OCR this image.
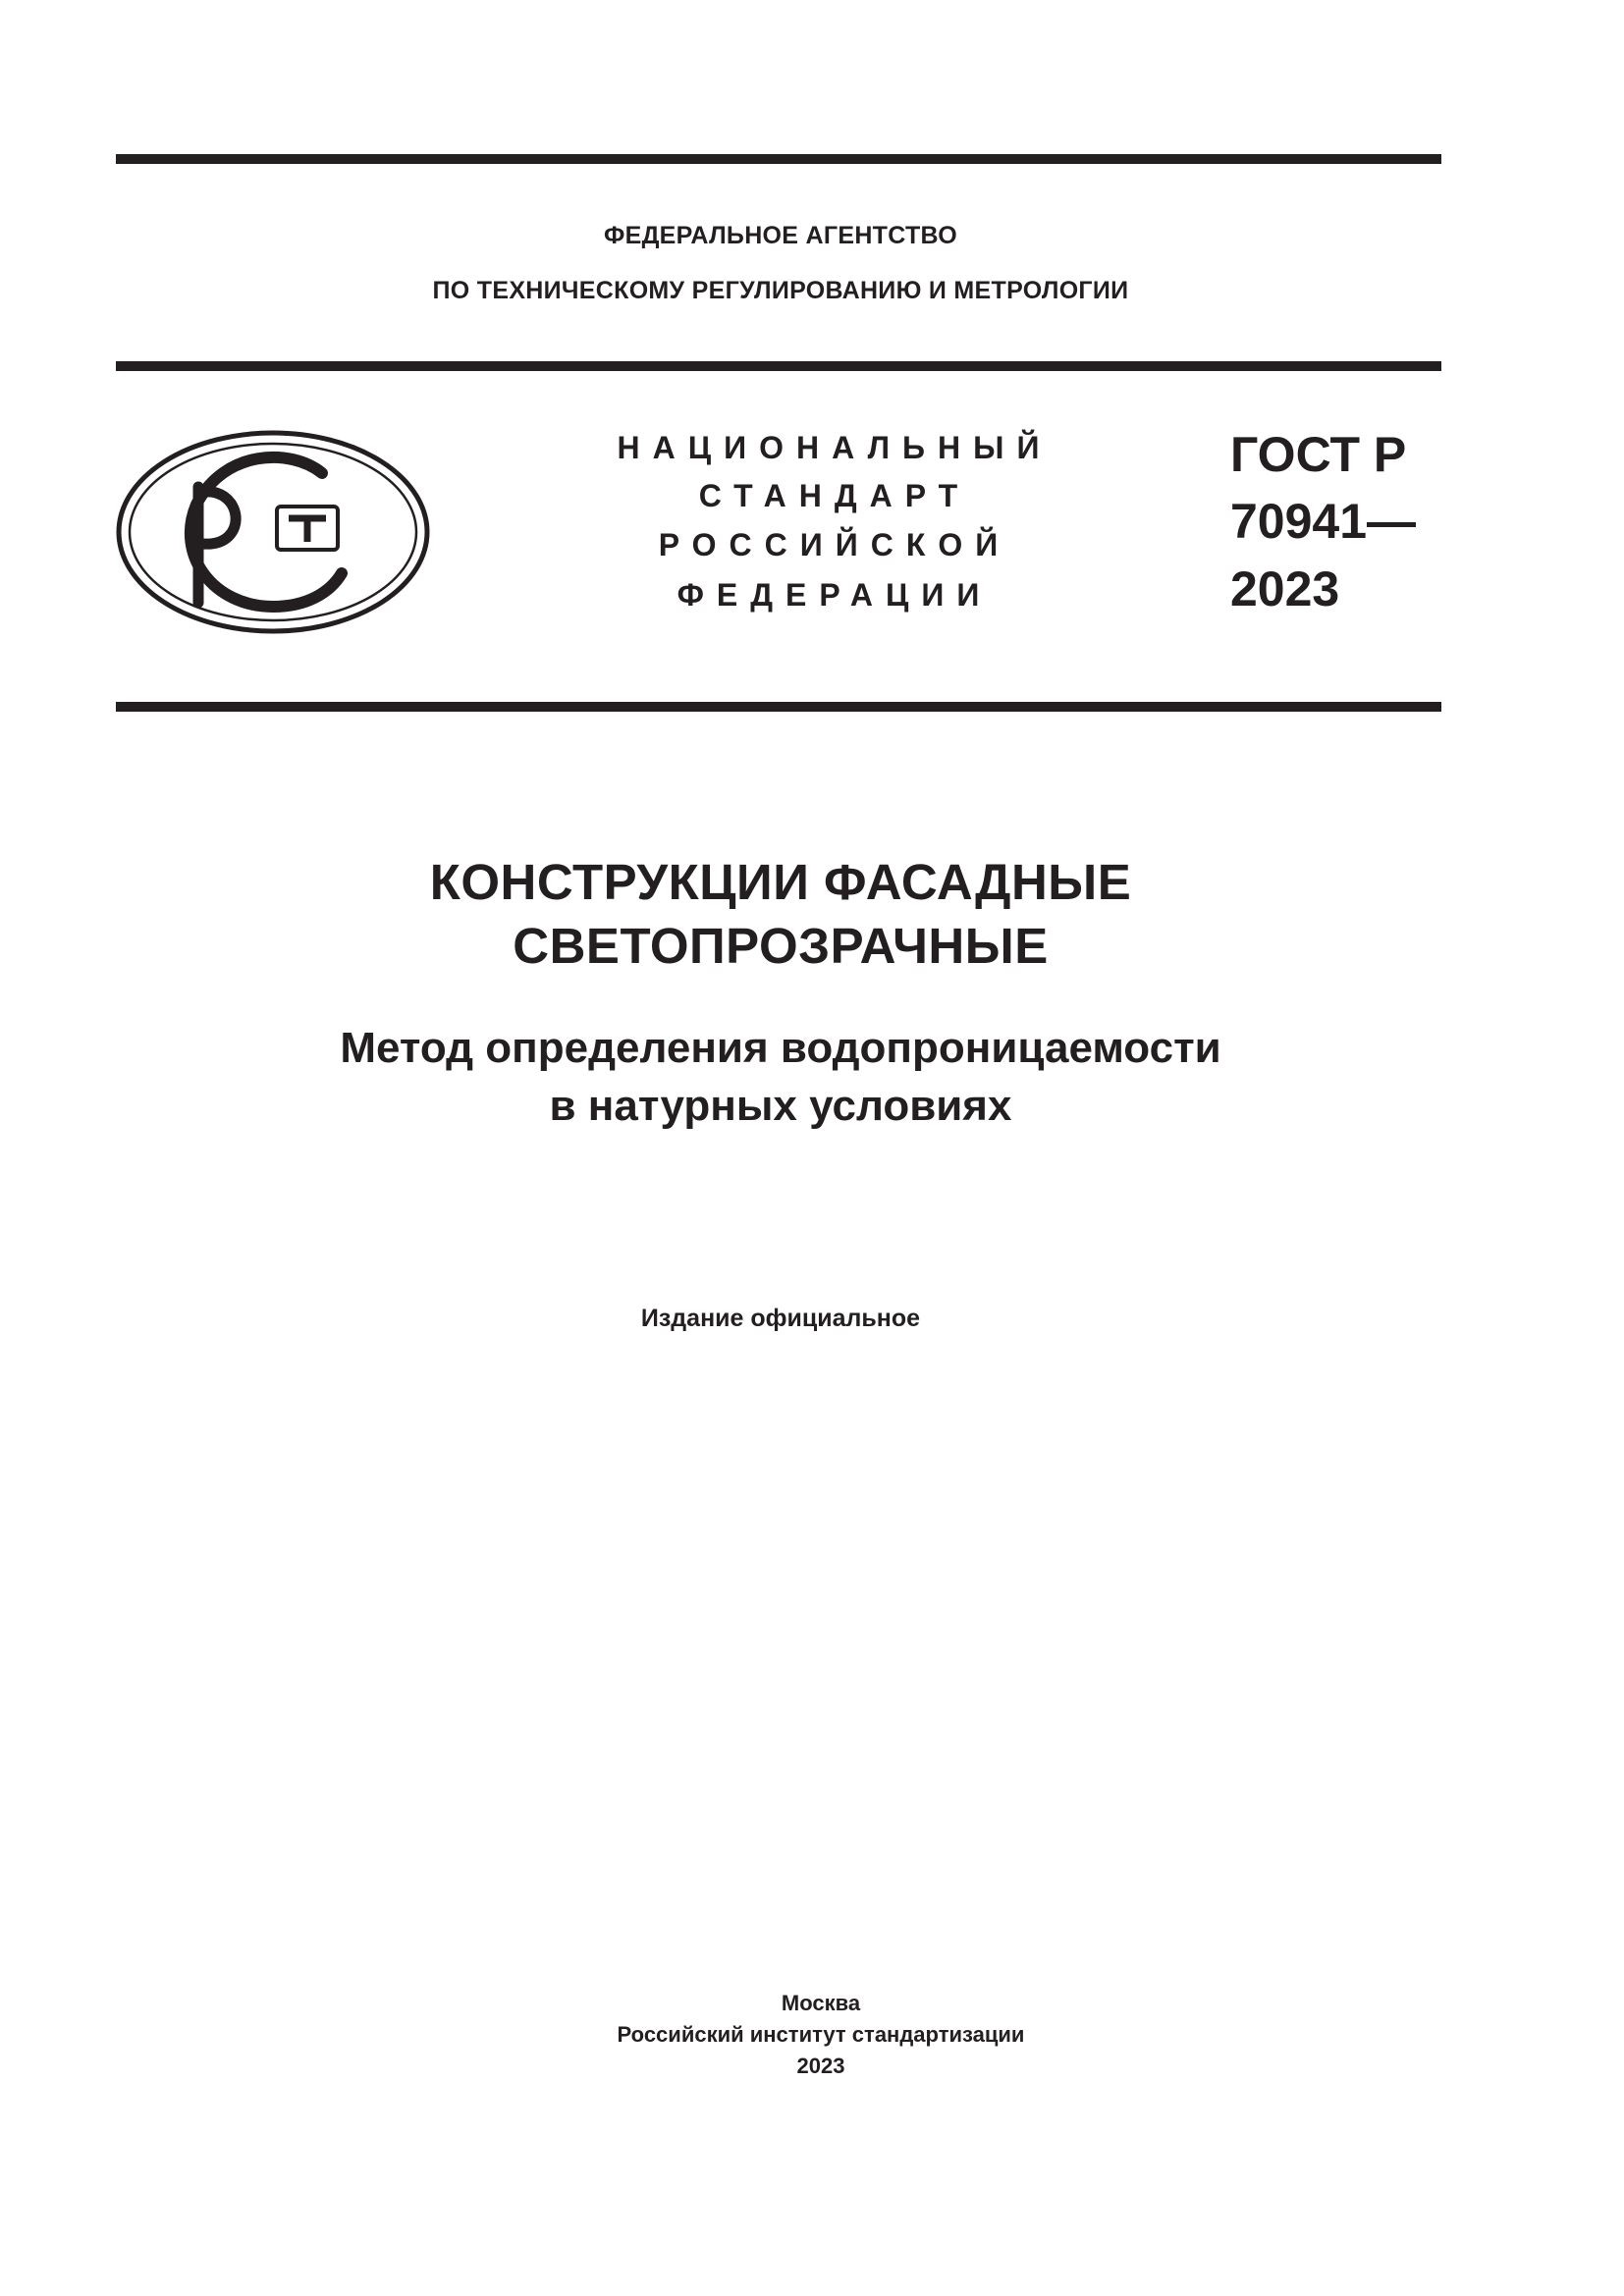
ФЕДЕРАЛЬНОЕ АГЕНТСТВО
ПО ТЕХНИЧЕСКОМУ РЕГУЛИРОВАНИЮ И МЕТРОЛОГИИ
НАЦИОНАЛЬНЫЙ
СТАНДАРТ
РОССИЙСКОЙ
ФЕДЕРАЦИИ
ГОСТ Р
70941—
2023
КОНСТРУКЦИИ ФАСАДНЫЕ
СВЕТОПРОЗРАЧНЫЕ
Метод определения водопроницаемости
в натурных условиях
Издание официальное
Москва
Российский институт стандартизации
2023
